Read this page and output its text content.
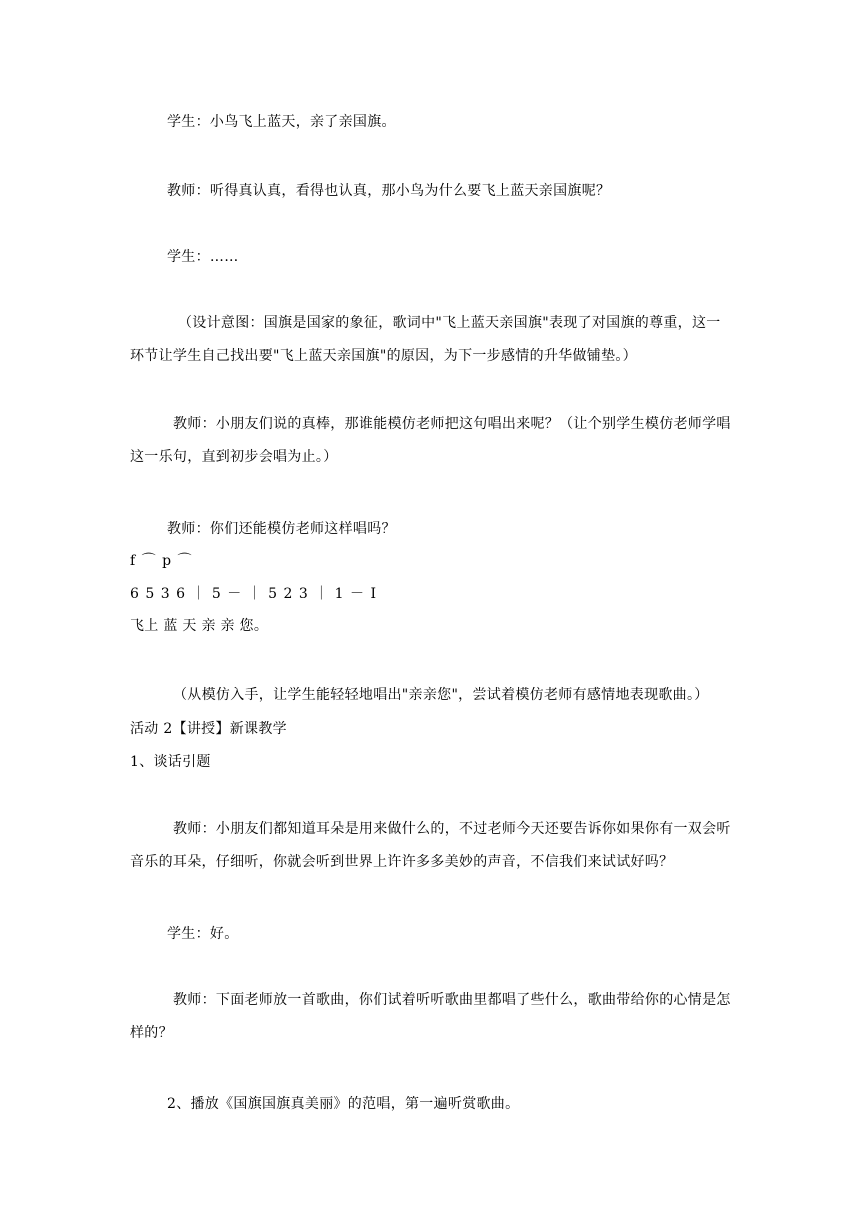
学生：小鸟飞上蓝天，亲了亲国旗。
教师：听得真认真，看得也认真，那小鸟为什么要飞上蓝天亲国旗呢？
学生：……
（设计意图：国旗是国家的象征，歌词中"飞上蓝天亲国旗"表现了对国旗的尊重，这一环节让学生自己找出要"飞上蓝天亲国旗"的原因，为下一步感情的升华做铺垫。）
教师：小朋友们说的真棒，那谁能模仿老师把这句唱出来呢？（让个别学生模仿老师学唱这一乐句，直到初步会唱为止。）
教师：你们还能模仿老师这样唱吗？
f ⌒ p ⌒
6 5 3 6 ｜ 5 － ｜ 5 2 3 ｜ 1 － Ⅰ
飞上 蓝 天 亲 亲 您。
（从模仿入手，让学生能轻轻地唱出"亲亲您"，尝试着模仿老师有感情地表现歌曲。）
活动 2【讲授】新课教学
1、谈话引题
教师：小朋友们都知道耳朵是用来做什么的，不过老师今天还要告诉你如果你有一双会听音乐的耳朵，仔细听，你就会听到世界上许许多多美妙的声音，不信我们来试试好吗？
学生：好。
教师：下面老师放一首歌曲，你们试着听听歌曲里都唱了些什么，歌曲带给你的心情是怎样的？
2、播放《国旗国旗真美丽》的范唱，第一遍听赏歌曲。
